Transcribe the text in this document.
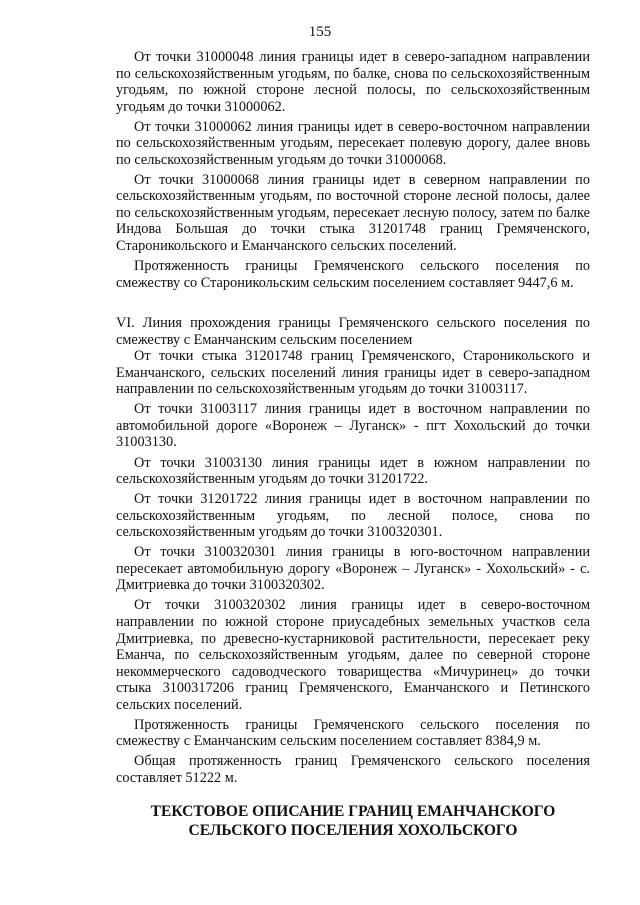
155

От точки 31000048 линия границы идет в северо-западном направлении по сельскохозяйственным угодьям, по балке, снова по сельскохозяйственным угодьям, по южной стороне лесной полосы, по сельскохозяйственным угодьям до точки 31000062.

От точки 31000062 линия границы идет в северо-восточном направлении по сельскохозяйственным угодьям, пересекает полевую дорогу, далее вновь по сельскохозяйственным угодьям до точки 31000068.

От точки 31000068 линия границы идет в северном направлении по сельскохозяйственным угодьям, по восточной стороне лесной полосы, далее по сельскохозяйственным угодьям, пересекает лесную полосу, затем по балке Индова Большая до точки стыка 31201748 границ Гремяченского, Староникольского и Еманчанского сельских поселений.

Протяженность границы Гремяченского сельского поселения по смежеству со Староникольским сельским поселением составляет 9447,6 м.

VI. Линия прохождения границы Гремяченского сельского поселения по смежеству с Еманчанским сельским поселением

От точки стыка 31201748 границ Гремяченского, Староникольского и Еманчанского, сельских поселений линия границы идет в северо-западном направлении по сельскохозяйственным угодьям до точки 31003117.

От точки 31003117 линия границы идет в восточном направлении по автомобильной дороге «Воронеж – Луганск» - пгт Хохольский до точки 31003130.

От точки 31003130 линия границы идет в южном направлении по сельскохозяйственным угодьям до точки 31201722.

От точки 31201722 линия границы идет в восточном направлении по сельскохозяйственным угодьям, по лесной полосе, снова по сельскохозяйственным угодьям до точки 3100320301.

От точки 3100320301 линия границы в юго-восточном направлении пересекает автомобильную дорогу «Воронеж – Луганск» - Хохольский» - с. Дмитриевка до точки 3100320302.

От точки 3100320302 линия границы идет в северо-восточном направлении по южной стороне приусадебных земельных участков села Дмитриевка, по древесно-кустарниковой растительности, пересекает реку Еманча, по сельскохозяйственным угодьям, далее по северной стороне некоммерческого садоводческого товарищества «Мичуринец» до точки стыка 3100317206 границ Гремяченского, Еманчанского и Петинского сельских поселений.

Протяженность границы Гремяченского сельского поселения по смежеству с Еманчанским сельским поселением составляет 8384,9 м.

Общая протяженность границ Гремяченского сельского поселения составляет 51222 м.

ТЕКСТОВОЕ ОПИСАНИЕ ГРАНИЦ ЕМАНЧАНСКОГО
СЕЛЬСКОГО ПОСЕЛЕНИЯ ХОХОЛЬСКОГО
